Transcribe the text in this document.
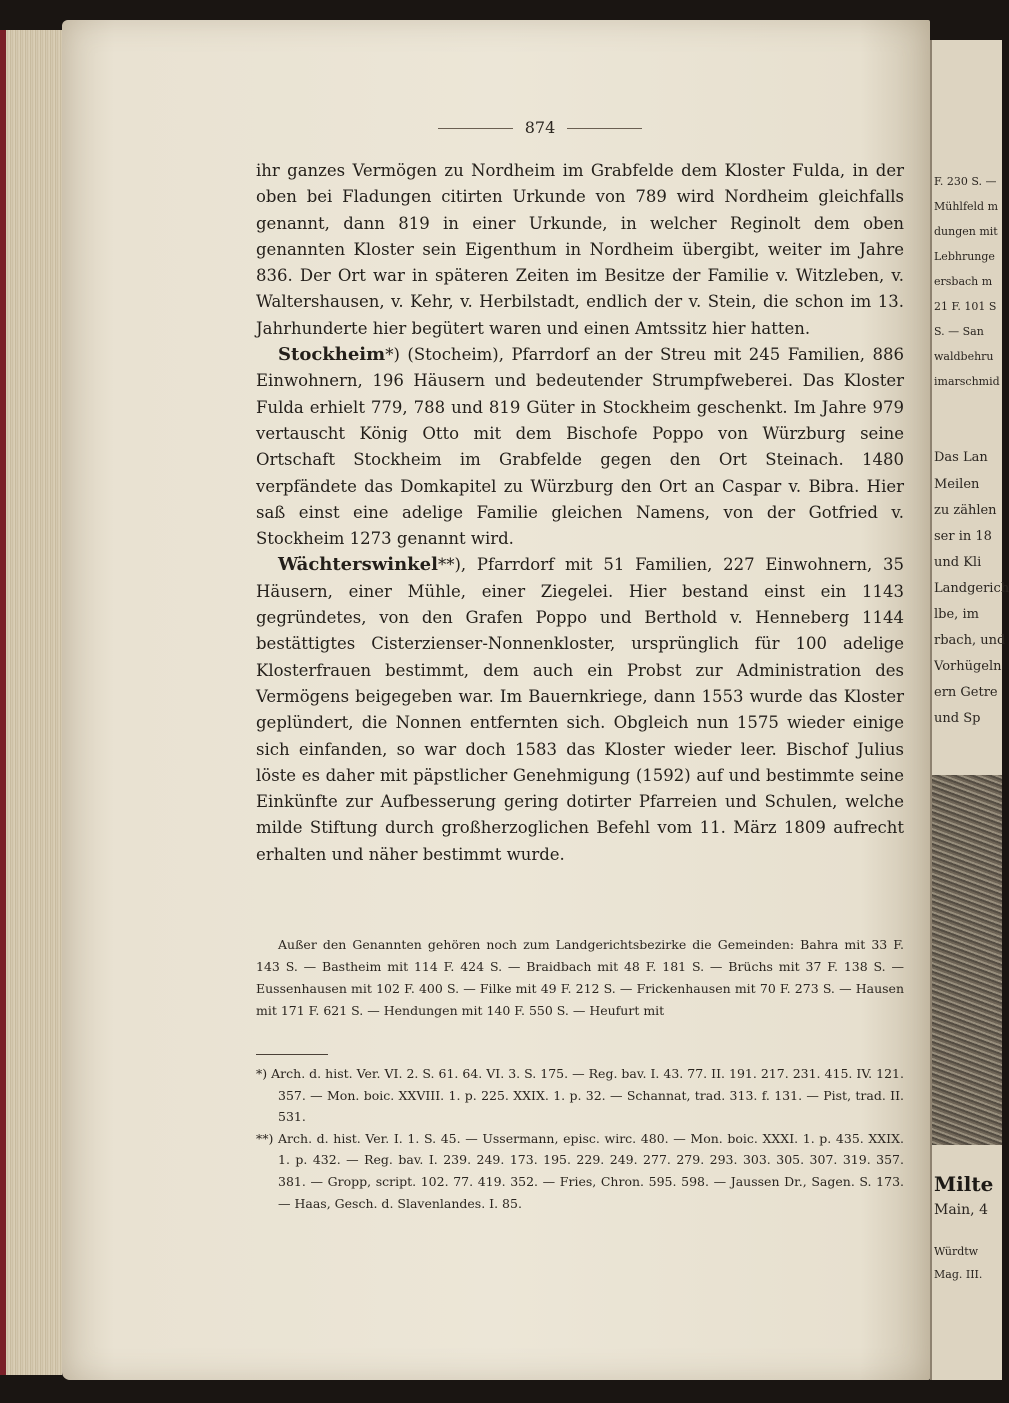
F. 230 S. —
Mühlfeld m
dungen mit
Lebhrunge
ersbach m
21 F. 101 S
S. — San
waldbehru
imarschmid
Das Lan
Meilen
zu zählen
ser in 18
und Kli
Landgerich
lbe, im
rbach, und
Vorhügeln
ern Getre
und Sp
Milte
Main, 4
Würdtw
Mag. III.
874

ihr ganzes Vermögen zu Nordheim im Grabfelde dem Kloster Fulda, in der oben bei Fladungen citirten Urkunde von 789 wird Nordheim gleichfalls genannt, dann 819 in einer Urkunde, in welcher Reginolt dem oben genannten Kloster sein Eigenthum in Nordheim übergibt, weiter im Jahre 836. Der Ort war in späteren Zeiten im Besitze der Familie v. Witzleben, v. Waltershausen, v. Kehr, v. Herbilstadt, endlich der v. Stein, die schon im 13. Jahrhunderte hier begütert waren und einen Amtssitz hier hatten.

Stockheim*) (Stocheim), Pfarrdorf an der Streu mit 245 Familien, 886 Einwohnern, 196 Häusern und bedeutender Strumpfweberei. Das Kloster Fulda erhielt 779, 788 und 819 Güter in Stockheim geschenkt. Im Jahre 979 vertauscht König Otto mit dem Bischofe Poppo von Würzburg seine Ortschaft Stockheim im Grabfelde gegen den Ort Steinach. 1480 verpfändete das Domkapitel zu Würzburg den Ort an Caspar v. Bibra. Hier saß einst eine adelige Familie gleichen Namens, von der Gotfried v. Stockheim 1273 genannt wird.

Wächterswinkel**), Pfarrdorf mit 51 Familien, 227 Einwohnern, 35 Häusern, einer Mühle, einer Ziegelei. Hier bestand einst ein 1143 gegründetes, von den Grafen Poppo und Berthold v. Henneberg 1144 bestättigtes Cisterzienser-Nonnenkloster, ursprünglich für 100 adelige Klosterfrauen bestimmt, dem auch ein Probst zur Administration des Vermögens beigegeben war. Im Bauernkriege, dann 1553 wurde das Kloster geplündert, die Nonnen entfernten sich. Obgleich nun 1575 wieder einige sich einfanden, so war doch 1583 das Kloster wieder leer. Bischof Julius löste es daher mit päpstlicher Genehmigung (1592) auf und bestimmte seine Einkünfte zur Aufbesserung gering dotirter Pfarreien und Schulen, welche milde Stiftung durch großherzoglichen Befehl vom 11. März 1809 aufrecht erhalten und näher bestimmt wurde.

Außer den Genannten gehören noch zum Landgerichtsbezirke die Gemeinden: Bahra mit 33 F. 143 S. — Bastheim mit 114 F. 424 S. — Braidbach mit 48 F. 181 S. — Brüchs mit 37 F. 138 S. — Eussenhausen mit 102 F. 400 S. — Filke mit 49 F. 212 S. — Frickenhausen mit 70 F. 273 S. — Hausen mit 171 F. 621 S. — Hendungen mit 140 F. 550 S. — Heufurt mit

*) Arch. d. hist. Ver. VI. 2. S. 61. 64. VI. 3. S. 175. — Reg. bav. I. 43. 77. II. 191. 217. 231. 415. IV. 121. 357. — Mon. boic. XXVIII. 1. p. 225. XXIX. 1. p. 32. — Schannat, trad. 313. f. 131. — Pist, trad. II. 531.

**) Arch. d. hist. Ver. I. 1. S. 45. — Ussermann, episc. wirc. 480. — Mon. boic. XXXI. 1. p. 435. XXIX. 1. p. 432. — Reg. bav. I. 239. 249. 173. 195. 229. 249. 277. 279. 293. 303. 305. 307. 319. 357. 381. — Gropp, script. 102. 77. 419. 352. — Fries, Chron. 595. 598. — Jaussen Dr., Sagen. S. 173. — Haas, Gesch. d. Slavenlandes. I. 85.
